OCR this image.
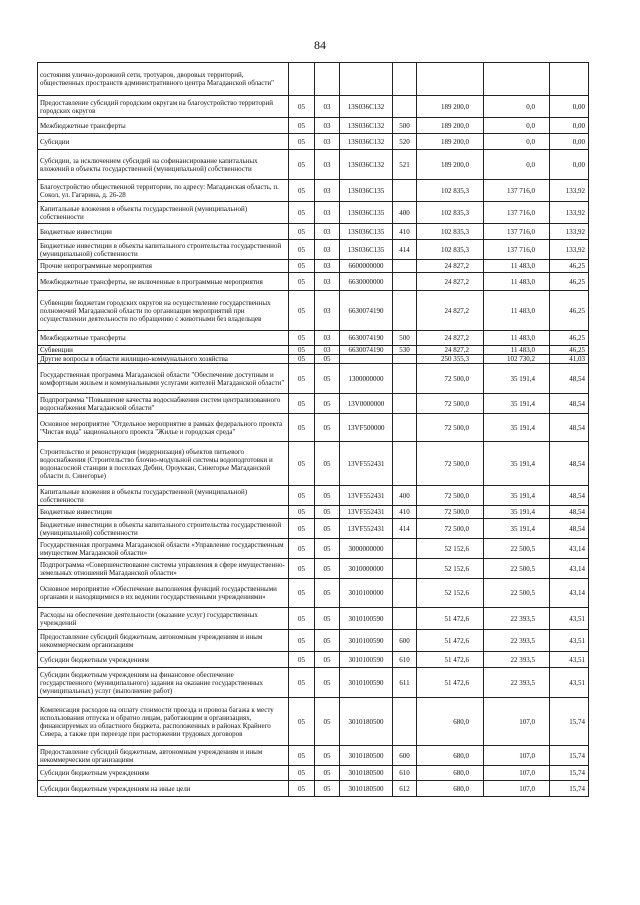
84
состояния улично-дорожной сети, тротуаров, дворовых территорий, общественных пространств административного центра Магаданской области"							
Предоставление субсидий городским округам на благоустройство территорий городских округов	05	03	13S036С132		189 200,0	0,0	0,00
Межбюджетные трансферты	05	03	13S036С132	500	189 200,0	0,0	0,00
Субсидии	05	03	13S036С132	520	189 200,0	0,0	0,00
Субсидии, за исключением субсидий на софинансирование капитальных вложений в объекты государственной (муниципальной) собственности	05	03	13S036С132	521	189 200,0	0,0	0,00
Благоустройство общественной территории, по адресу: Магаданская область, п. Сокол, ул. Гагарина, д. 26-28	05	03	13S036С135		102 835,3	137 716,0	133,92
Капитальные вложения в объекты государственной (муниципальной) собственности	05	03	13S036С135	400	102 835,3	137 716,0	133,92
Бюджетные инвестиции	05	03	13S036С135	410	102 835,3	137 716,0	133,92
Бюджетные инвестиции в объекты капитального строительства государственной (муниципальной) собственности	05	03	13S036С135	414	102 835,3	137 716,0	133,92
Прочие непрограммные мероприятия	05	03	6600000000		24 827,2	11 483,0	46,25
Межбюджетные трансферты, не включенные в программные мероприятия	05	03	66З0000000		24 827,2	11 483,0	46,25
Субвенции бюджетам городских округов на осуществление государственных полномочий Магаданской области по организации мероприятий при осуществлении деятельности по обращению с животными без владельцев	05	03	66З0074190		24 827,2	11 483,0	46,25
Межбюджетные трансферты	05	03	66З0074190	500	24 827,2	11 483,0	46,25
Субвенции	05	03	66З0074190	530	24 827,2	11 483,0	46,25
Другие вопросы в области жилищно-коммунального хозяйства	05	05			250 355,3	102 730,2	41,03
Государственная программа Магаданской области "Обеспечение доступным и комфортным жильем и коммунальными услугами жителей Магаданской области"	05	05	1300000000		72 500,0	35 191,4	48,54
Подпрограмма "Повышение качества водоснабжения систем централизованного водоснабжения Магаданской области"	05	05	13V0000000		72 500,0	35 191,4	48,54
Основное мероприятие "Отдельное мероприятие в рамках федерального проекта "Чистая вода" национального проекта "Жилье и городская среда"	05	05	13VF500000		72 500,0	35 191,4	48,54
Строительство и реконструкция (модернизация) объектов питьевого водоснабжения (Строительство блочно-модульной системы водоподготовки и водонасосной станции в поселках Дебин, Ороуккан, Синегорье Магаданской области п. Синегорье)	05	05	13VF552431		72 500,0	35 191,4	48,54
Капитальные вложения в объекты государственной (муниципальной) собственности	05	05	13VF552431	400	72 500,0	35 191,4	48,54
Бюджетные инвестиции	05	05	13VF552431	410	72 500,0	35 191,4	48,54
Бюджетные инвестиции в объекты капитального строительства государственной (муниципальной) собственности	05	05	13VF552431	414	72 500,0	35 191,4	48,54
Государственная программа Магаданской области «Управление государственным имуществом Магаданской области»	05	05	3000000000		52 152,6	22 500,5	43,14
Подпрограмма «Совершенствование системы управления в сфере имущественно-земельных отношений Магаданской области»	05	05	3010000000		52 152,6	22 500,5	43,14
Основное мероприятие «Обеспечение выполнения функций государственными органами и находящимися в их ведении государственными учреждениями»	05	05	3010100000		52 152,6	22 500,5	43,14
Расходы на обеспечение деятельности (оказание услуг) государственных учреждений	05	05	3010100590		51 472,6	22 393,5	43,51
Предоставление субсидий бюджетным, автономным учреждениям и иным некоммерческим организациям	05	05	3010100590	600	51 472,6	22 393,5	43,51
Субсидии бюджетным учреждениям	05	05	3010100590	610	51 472,6	22 393,5	43,51
Субсидии бюджетным учреждениям на финансовое обеспечение государственного (муниципального) задания на оказание государственных (муниципальных) услуг (выполнение работ)	05	05	3010100590	611	51 472,6	22 393,5	43,51
Компенсация расходов на оплату стоимости проезда и провоза багажа к месту использования отпуска и обратно лицам, работающим в организациях, финансируемых из областного бюджета, расположенных в районах Крайнего Севера, а также при переезде при расторжении трудовых договоров	05	05	3010180500		680,0	107,0	15,74
Предоставление субсидий бюджетным, автономным учреждениям и иным некоммерческим организациям	05	05	3010180500	600	680,0	107,0	15,74
Субсидии бюджетным учреждениям	05	05	3010180500	610	680,0	107,0	15,74
Субсидии бюджетным учреждениям на иные цели	05	05	3010180500	612	680,0	107,0	15,74
